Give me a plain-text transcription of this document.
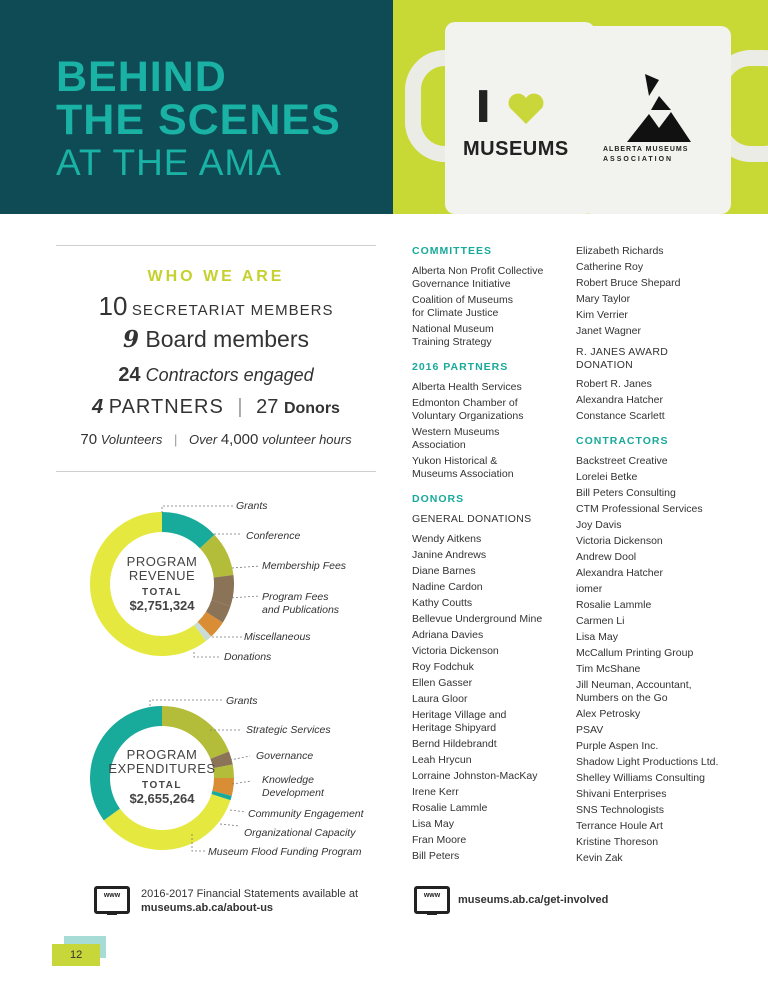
BEHIND
THE SCENES
AT THE AMA
I
MUSEUMS	ALBERTA MUSEUMS
ASSOCIATION
WHO WE ARE
10 SECRETARIAT MEMBERS
9 Board members
24 Contractors engaged
4 PARTNERS | 27 Donors
70 Volunteers | Over 4,000 volunteer hours
PROGRAM
REVENUE
TOTAL
$2,751,324
Grants
Conference
Membership Fees
Program Fees
and Publications
Miscellaneous
Donations
PROGRAM
EXPENDITURES
TOTAL
$2,655,264
Grants
Strategic Services
Governance
Knowledge
Development
Community Engagement
Organizational Capacity
Museum Flood Funding Program
COMMITTEES
Alberta Non Profit Collective
Governance Initiative
Coalition of Museums
for Climate Justice
National Museum
Training Strategy
2016 PARTNERS
Alberta Health Services
Edmonton Chamber of
Voluntary Organizations
Western Museums
Association
Yukon Historical &
Museums Association
DONORS
GENERAL DONATIONS
Wendy Aitkens
Janine Andrews
Diane Barnes
Nadine Cardon
Kathy Coutts
Bellevue Underground Mine
Adriana Davies
Victoria Dickenson
Roy Fodchuk
Ellen Gasser
Laura Gloor
Heritage Village and
Heritage Shipyard
Bernd Hildebrandt
Leah Hrycun
Lorraine Johnston-MacKay
Irene Kerr
Rosalie Lammle
Lisa May
Fran Moore
Bill Peters
Elizabeth Richards
Catherine Roy
Robert Bruce Shepard
Mary Taylor
Kim Verrier
Janet Wagner
R. JANES AWARD
DONATION
Robert R. Janes
Alexandra Hatcher
Constance Scarlett
CONTRACTORS
Backstreet Creative
Lorelei Betke
Bill Peters Consulting
CTM Professional Services
Joy Davis
Victoria Dickenson
Andrew Dool
Alexandra Hatcher
iomer
Rosalie Lammle
Carmen Li
Lisa May
McCallum Printing Group
Tim McShane
Jill Neuman, Accountant,
Numbers on the Go
Alex Petrosky
PSAV
Purple Aspen Inc.
Shadow Light Productions Ltd.
Shelley Williams Consulting
Shivani Enterprises
SNS Technologists
Terrance Houle Art
Kristine Thoreson
Kevin Zak
www	2016-2017 Financial Statements available at
museums.ab.ca/about-us
www	museums.ab.ca/get-involved
12
